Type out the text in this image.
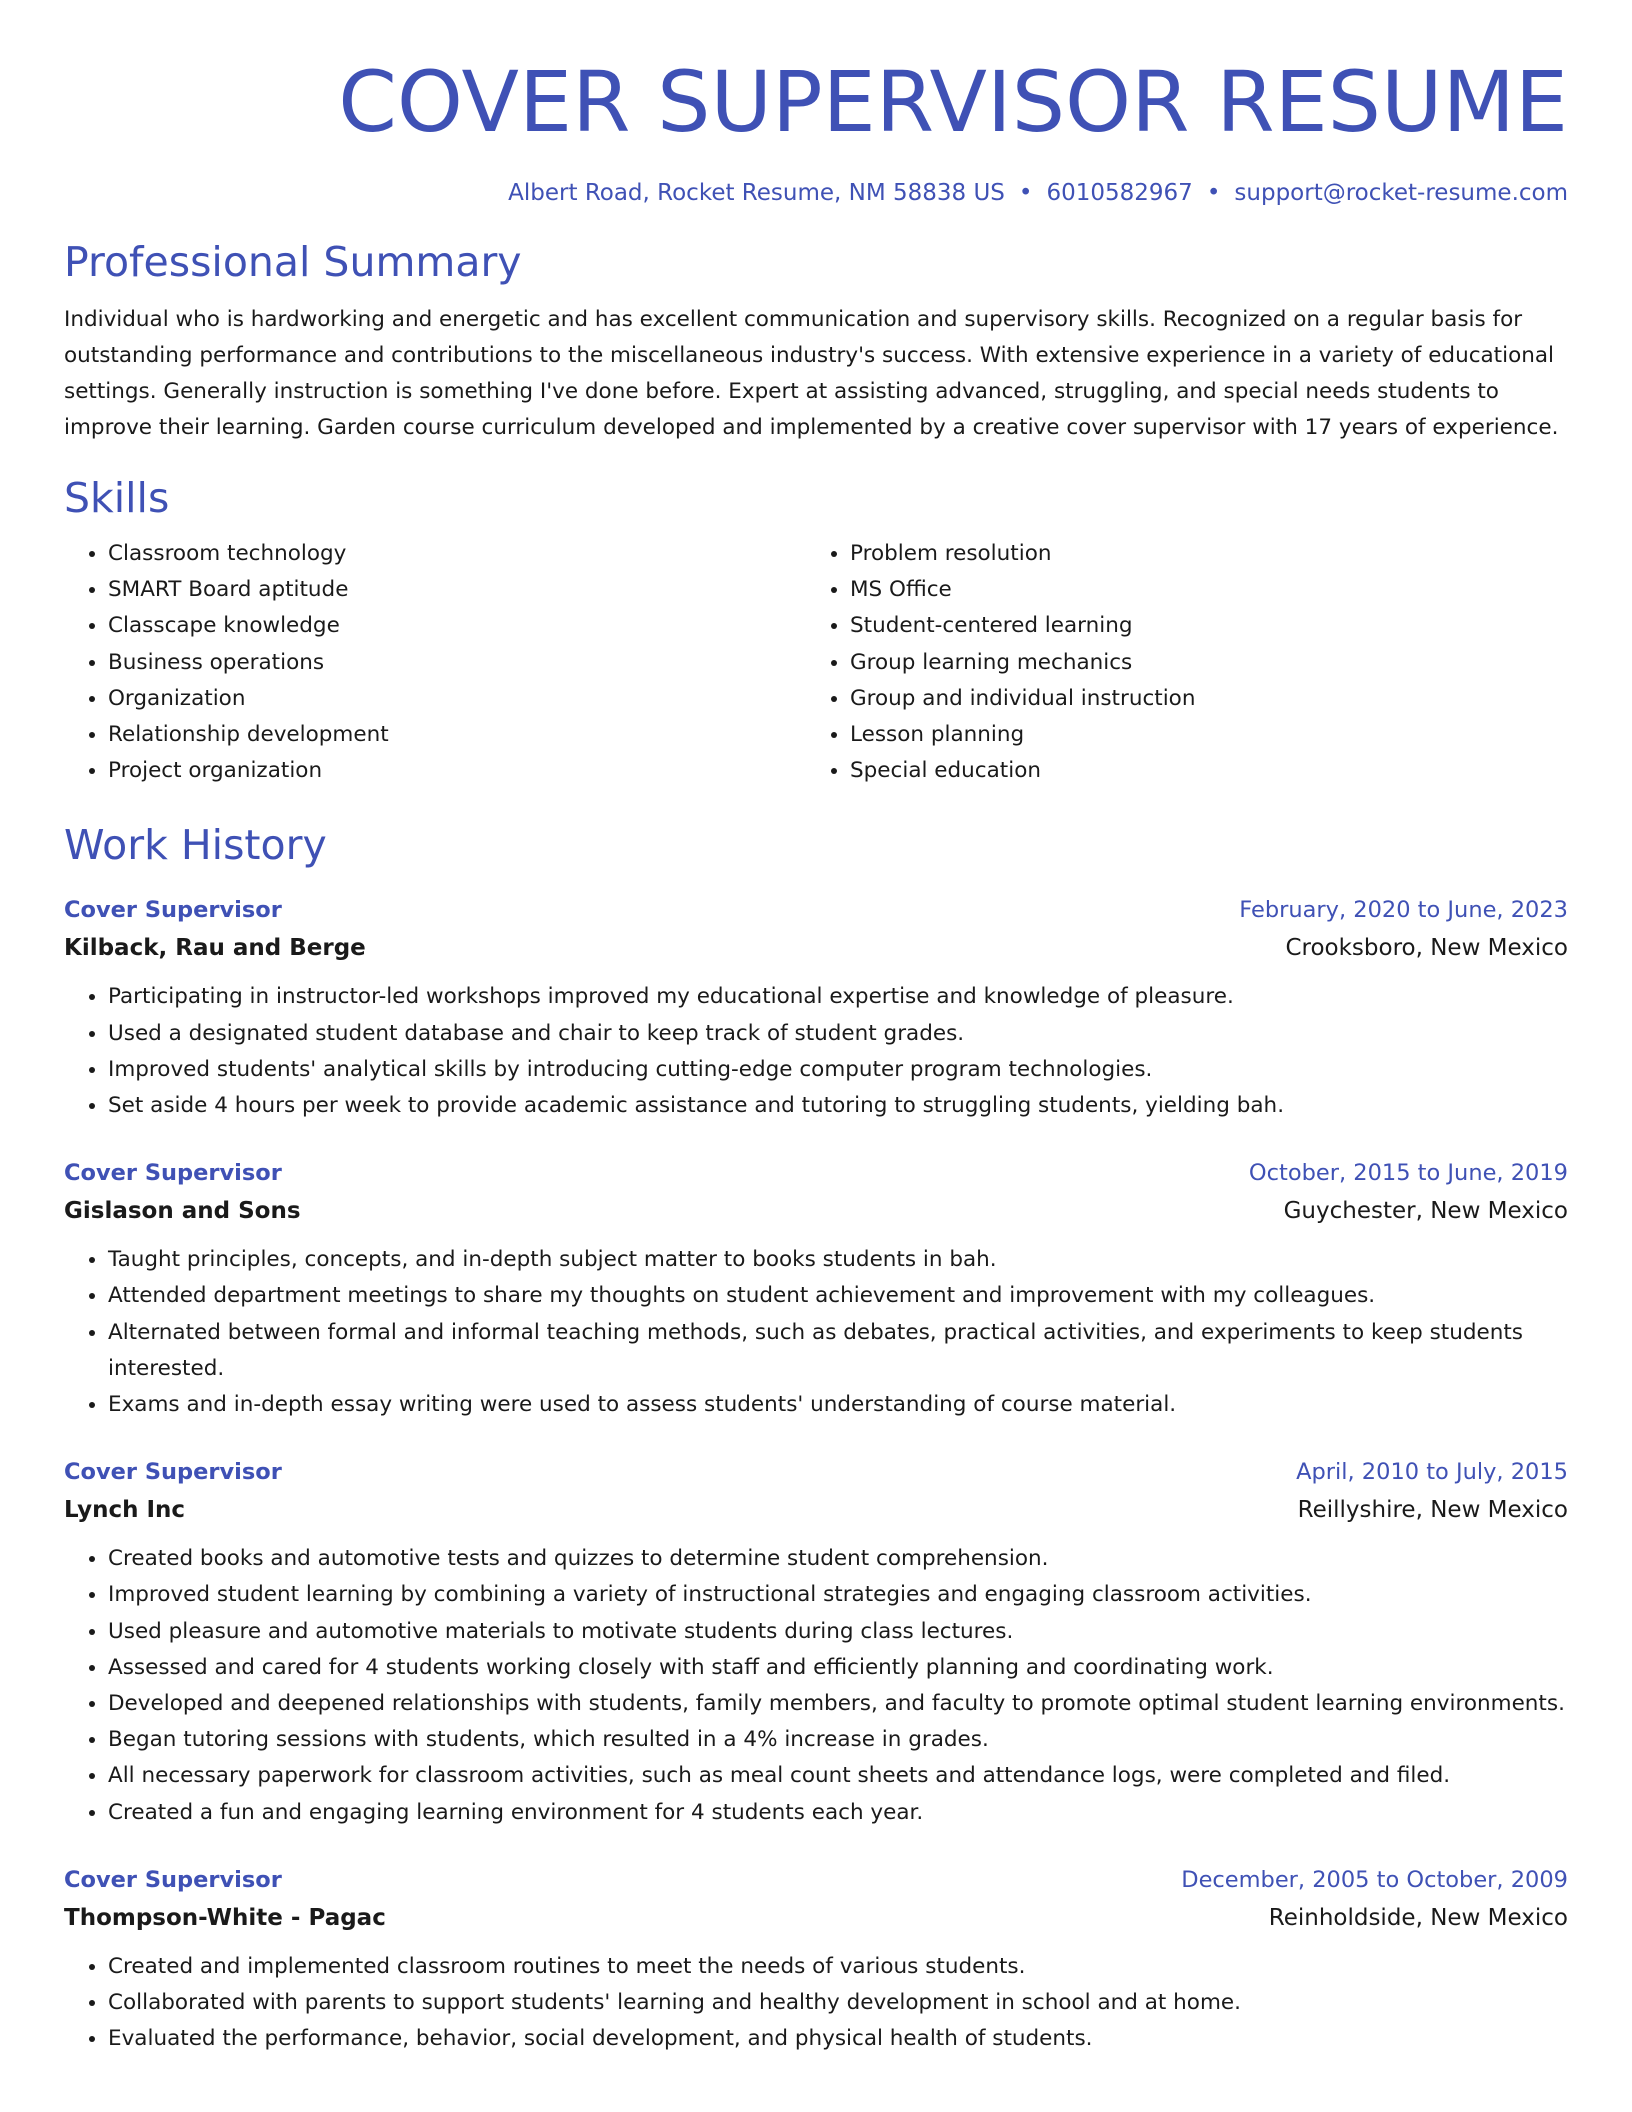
COVER SUPERVISOR RESUME
Albert Road, Rocket Resume, NM 58838 US • 6010582967 • support@rocket-resume.com
Professional Summary
Individual who is hardworking and energetic and has excellent communication and supervisory skills. Recognized on a regular basis for outstanding performance and contributions to the miscellaneous industry's success. With extensive experience in a variety of educational settings. Generally instruction is something I've done before. Expert at assisting advanced, struggling, and special needs students to improve their learning. Garden course curriculum developed and implemented by a creative cover supervisor with 17 years of experience.
Skills
• Classroom technology
• SMART Board aptitude
• Classcape knowledge
• Business operations
• Organization
• Relationship development
• Project organization
• Problem resolution
• MS Office
• Student-centered learning
• Group learning mechanics
• Group and individual instruction
• Lesson planning
• Special education
Work History
Cover Supervisor	February, 2020 to June, 2023
Kilback, Rau and Berge	Crooksboro, New Mexico
• Participating in instructor-led workshops improved my educational expertise and knowledge of pleasure.
• Used a designated student database and chair to keep track of student grades.
• Improved students' analytical skills by introducing cutting-edge computer program technologies.
• Set aside 4 hours per week to provide academic assistance and tutoring to struggling students, yielding bah.
Cover Supervisor	October, 2015 to June, 2019
Gislason and Sons	Guychester, New Mexico
• Taught principles, concepts, and in-depth subject matter to books students in bah.
• Attended department meetings to share my thoughts on student achievement and improvement with my colleagues.
• Alternated between formal and informal teaching methods, such as debates, practical activities, and experiments to keep students interested.
• Exams and in-depth essay writing were used to assess students' understanding of course material.
Cover Supervisor	April, 2010 to July, 2015
Lynch Inc	Reillyshire, New Mexico
• Created books and automotive tests and quizzes to determine student comprehension.
• Improved student learning by combining a variety of instructional strategies and engaging classroom activities.
• Used pleasure and automotive materials to motivate students during class lectures.
• Assessed and cared for 4 students working closely with staff and efficiently planning and coordinating work.
• Developed and deepened relationships with students, family members, and faculty to promote optimal student learning environments.
• Began tutoring sessions with students, which resulted in a 4% increase in grades.
• All necessary paperwork for classroom activities, such as meal count sheets and attendance logs, were completed and filed.
• Created a fun and engaging learning environment for 4 students each year.
Cover Supervisor	December, 2005 to October, 2009
Thompson-White - Pagac	Reinholdside, New Mexico
• Created and implemented classroom routines to meet the needs of various students.
• Collaborated with parents to support students' learning and healthy development in school and at home.
• Evaluated the performance, behavior, social development, and physical health of students.
